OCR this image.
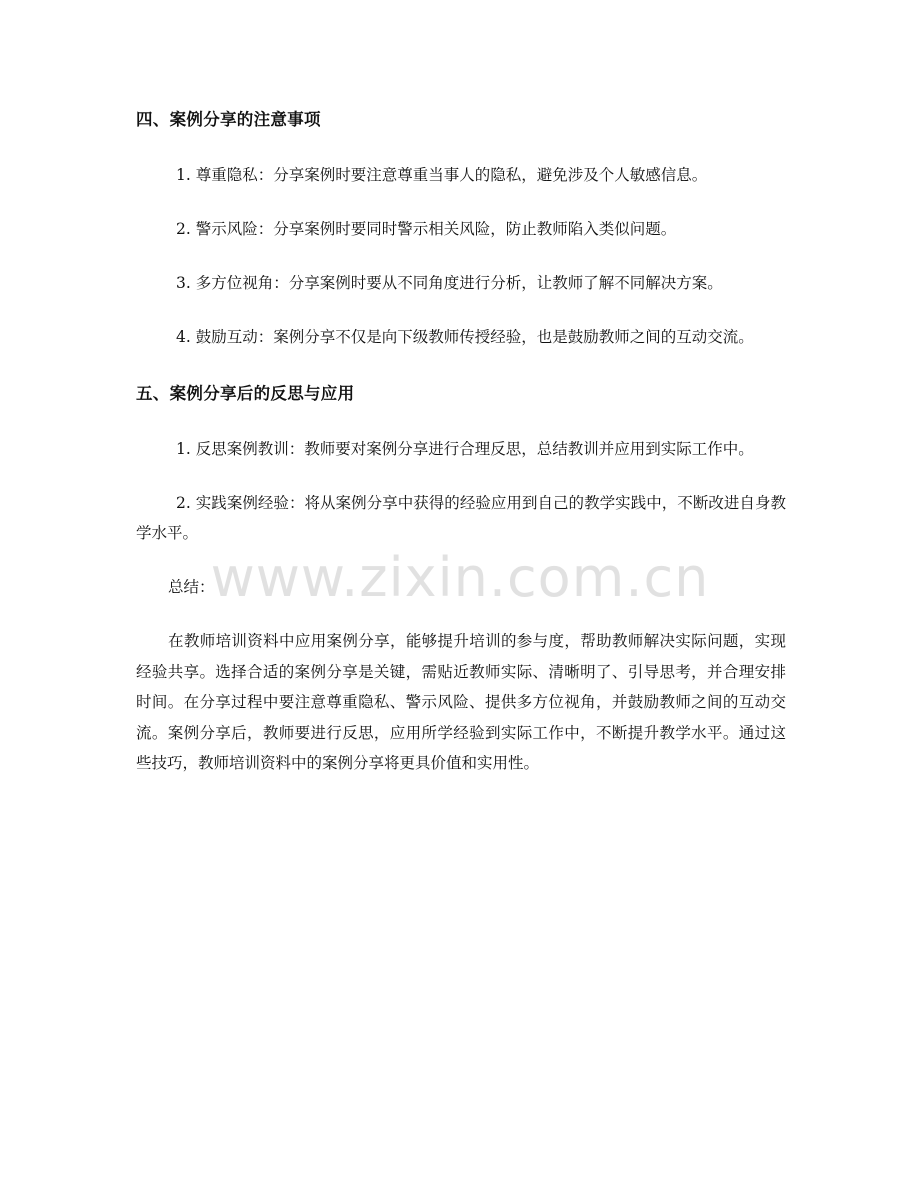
四、案例分享的注意事项

1. 尊重隐私：分享案例时要注意尊重当事人的隐私，避免涉及个人敏感信息。

2. 警示风险：分享案例时要同时警示相关风险，防止教师陷入类似问题。

3. 多方位视角：分享案例时要从不同角度进行分析，让教师了解不同解决方案。

4. 鼓励互动：案例分享不仅是向下级教师传授经验，也是鼓励教师之间的互动交流。

五、案例分享后的反思与应用

1. 反思案例教训：教师要对案例分享进行合理反思，总结教训并应用到实际工作中。

2. 实践案例经验：将从案例分享中获得的经验应用到自己的教学实践中，不断改进自身教学水平。

总结：

在教师培训资料中应用案例分享，能够提升培训的参与度，帮助教师解决实际问题，实现经验共享。选择合适的案例分享是关键，需贴近教师实际、清晰明了、引导思考，并合理安排时间。在分享过程中要注意尊重隐私、警示风险、提供多方位视角，并鼓励教师之间的互动交流。案例分享后，教师要进行反思，应用所学经验到实际工作中，不断提升教学水平。通过这些技巧，教师培训资料中的案例分享将更具价值和实用性。

www.zixin.com.cn
